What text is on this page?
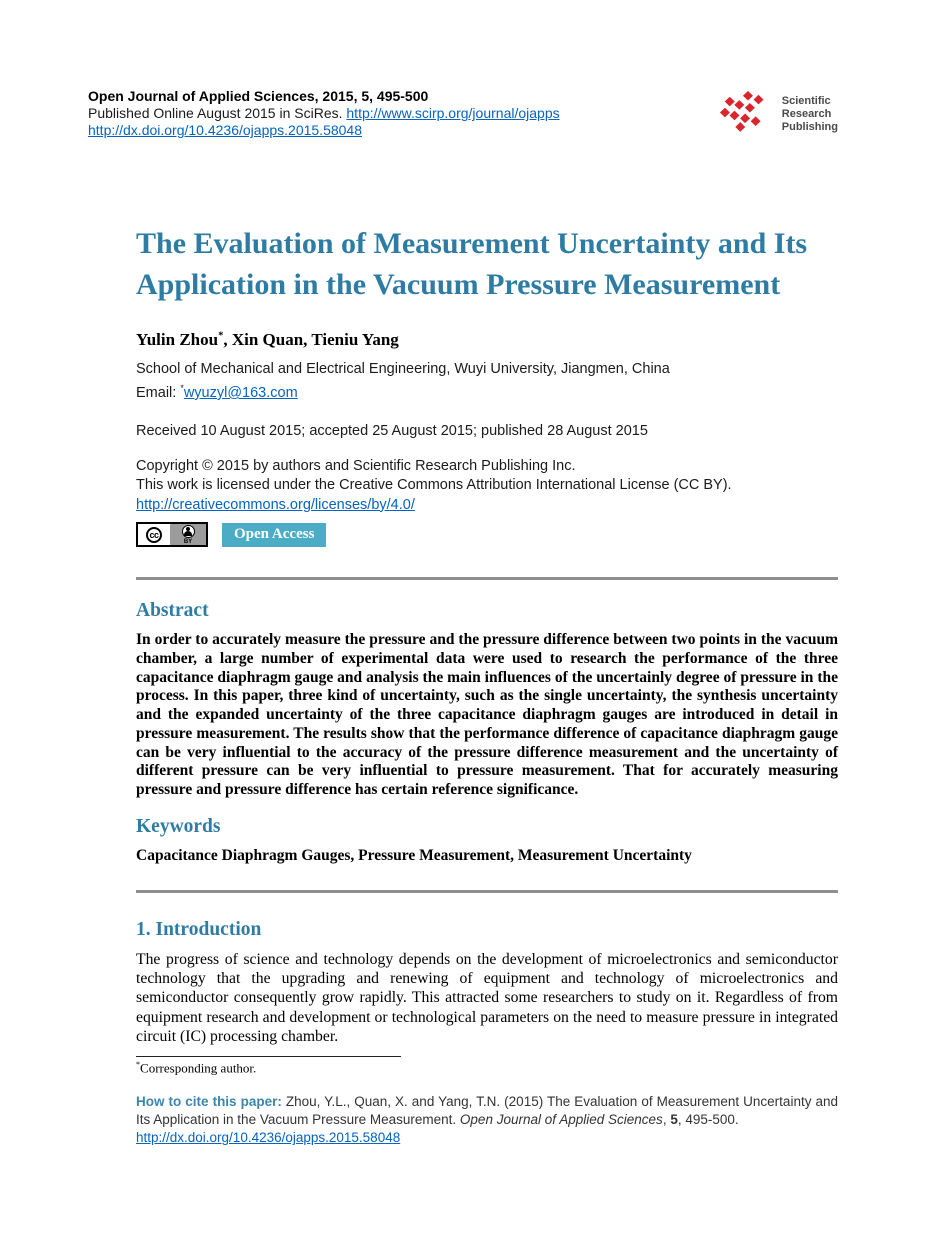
Open Journal of Applied Sciences, 2015, 5, 495-500
Published Online August 2015 in SciRes. http://www.scirp.org/journal/ojapps
http://dx.doi.org/10.4236/ojapps.2015.58048
Scientific
Research
Publishing
The Evaluation of Measurement Uncertainty and Its Application in the Vacuum Pressure Measurement
Yulin Zhou*, Xin Quan, Tieniu Yang
School of Mechanical and Electrical Engineering, Wuyi University, Jiangmen, China
Email: *wyuzyl@163.com
Received 10 August 2015; accepted 25 August 2015; published 28 August 2015
Copyright © 2015 by authors and Scientific Research Publishing Inc.
This work is licensed under the Creative Commons Attribution International License (CC BY).
http://creativecommons.org/licenses/by/4.0/
cc
BY	Open Access
Abstract

In order to accurately measure the pressure and the pressure difference between two points in the vacuum chamber, a large number of experimental data were used to research the performance of the three capacitance diaphragm gauge and analysis the main influences of the uncertainly degree of pressure in the process. In this paper, three kind of uncertainty, such as the single uncertainty, the synthesis uncertainty and the expanded uncertainty of the three capacitance diaphragm gauges are introduced in detail in pressure measurement. The results show that the performance difference of capacitance diaphragm gauge can be very influential to the accuracy of the pressure difference measurement and the uncertainty of different pressure can be very influential to pressure measurement. That for accurately measuring pressure and pressure difference has certain reference significance.

Keywords

Capacitance Diaphragm Gauges, Pressure Measurement, Measurement Uncertainty

1. Introduction

The progress of science and technology depends on the development of microelectronics and semiconductor technology that the upgrading and renewing of equipment and technology of microelectronics and semiconductor consequently grow rapidly. This attracted some researchers to study on it. Regardless of from equipment research and development or technological parameters on the need to measure pressure in integrated circuit (IC) processing chamber.

*Corresponding author.
How to cite this paper: Zhou, Y.L., Quan, X. and Yang, T.N. (2015) The Evaluation of Measurement Uncertainty and Its Application in the Vacuum Pressure Measurement. Open Journal of Applied Sciences, 5, 495-500.
http://dx.doi.org/10.4236/ojapps.2015.58048
